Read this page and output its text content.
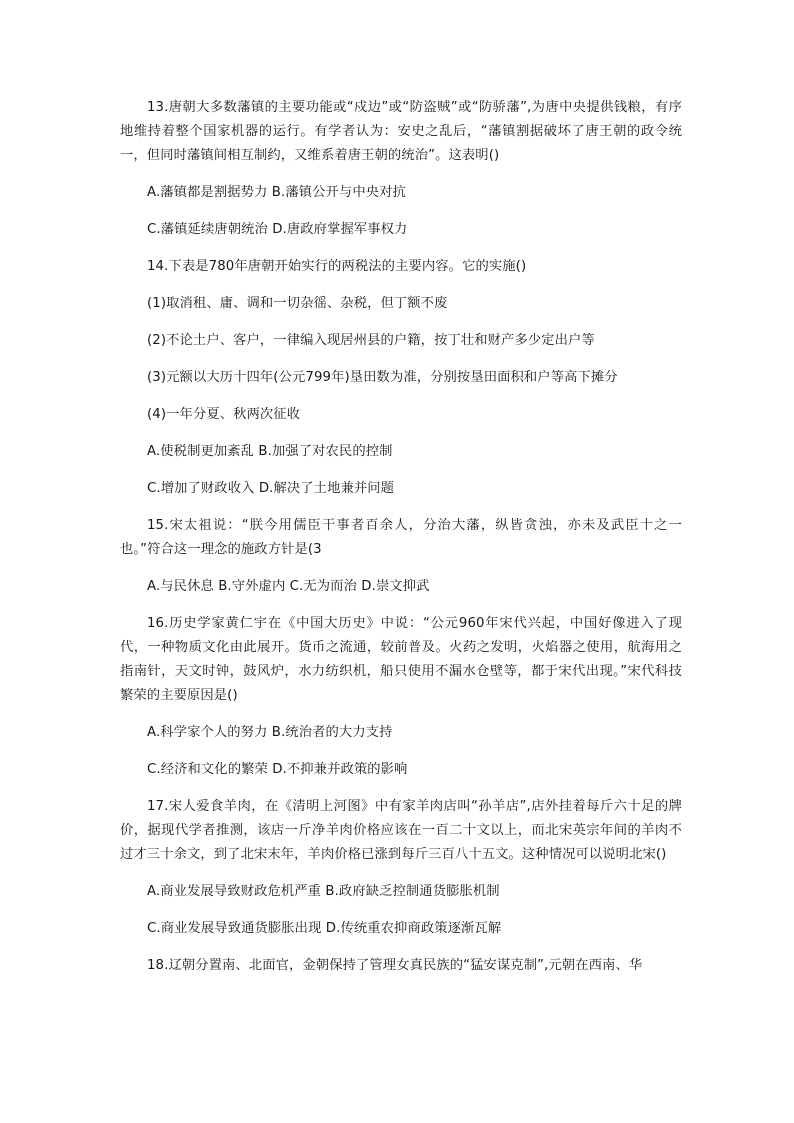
13.唐朝大多数藩镇的主要功能或“戍边”或“防盗贼”或“防骄藩”,为唐中央提供钱粮，有序地维持着整个国家机器的运行。有学者认为：安史之乱后，“藩镇割据破坏了唐王朝的政令统一，但同时藩镇间相互制约，又维系着唐王朝的统治”。这表明()

A.藩镇都是割据势力 B.藩镇公开与中央对抗

C.藩镇延续唐朝统治 D.唐政府掌握军事权力

14.下表是780年唐朝开始实行的两税法的主要内容。它的实施()

(1)取消租、庸、调和一切杂徭、杂税，但丁额不废

(2)不论土户、客户，一律编入现居州县的户籍，按丁壮和财产多少定出户等

(3)元额以大历十四年(公元799年)垦田数为准，分别按垦田面积和户等高下摊分

(4)一年分夏、秋两次征收

A.使税制更加紊乱 B.加强了对农民的控制

C.增加了财政收入 D.解决了土地兼并问题

15.宋太祖说：“朕今用儒臣干事者百余人，分治大藩，纵皆贪浊，亦未及武臣十之一也。”符合这一理念的施政方针是(3

A.与民休息 B.守外虚内 C.无为而治 D.崇文抑武

16.历史学家黄仁宇在《中国大历史》中说：“公元960年宋代兴起，中国好像进入了现代，一种物质文化由此展开。货币之流通，较前普及。火药之发明，火焰器之使用，航海用之指南针，天文时钟，鼓风炉，水力纺织机，船只使用不漏水仓壁等，都于宋代出现。”宋代科技繁荣的主要原因是()

A.科学家个人的努力 B.统治者的大力支持

C.经济和文化的繁荣 D.不抑兼并政策的影响

17.宋人爱食羊肉，在《清明上河图》中有家羊肉店叫“孙羊店”,店外挂着每斤六十足的牌价，据现代学者推测，该店一斤净羊肉价格应该在一百二十文以上，而北宋英宗年间的羊肉不过才三十余文，到了北宋末年，羊肉价格已涨到每斤三百八十五文。这种情况可以说明北宋()

A.商业发展导致财政危机严重 B.政府缺乏控制通货膨胀机制

C.商业发展导致通货膨胀出现 D.传统重农抑商政策逐渐瓦解

18.辽朝分置南、北面官，金朝保持了管理女真民族的“猛安谋克制”,元朝在西南、华
